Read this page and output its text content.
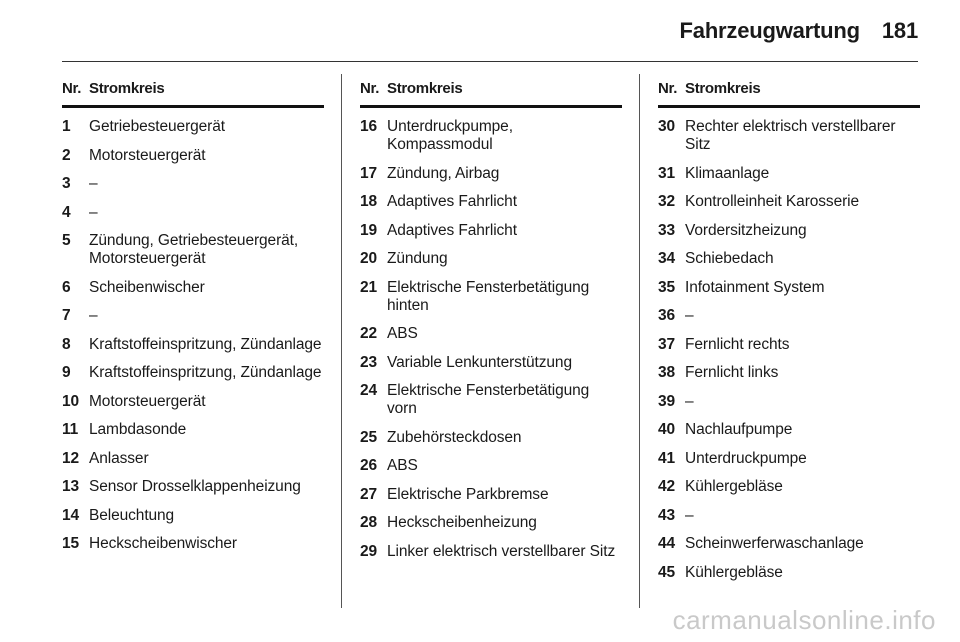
Fahrzeugwartung 181
Nr. Stromkreis
1	Getriebesteuergerät
2	Motorsteuergerät
3	–
4	–
5	Zündung, Getriebesteuergerät, Motorsteuergerät
6	Scheibenwischer
7	–
8	Kraftstoffeinspritzung, Zündanlage
9	Kraftstoffeinspritzung, Zündanlage
10 Motorsteuergerät
11 Lambdasonde
12 Anlasser
13 Sensor Drosselklappenheizung
14 Beleuchtung
15 Heckscheibenwischer
Nr. Stromkreis
16 Unterdruckpumpe, Kompassmodul
17 Zündung, Airbag
18 Adaptives Fahrlicht
19 Adaptives Fahrlicht
20 Zündung
21 Elektrische Fensterbetätigung hinten
22 ABS
23 Variable Lenkunterstützung
24 Elektrische Fensterbetätigung vorn
25 Zubehörsteckdosen
26 ABS
27 Elektrische Parkbremse
28 Heckscheibenheizung
29 Linker elektrisch verstellbarer Sitz
Nr. Stromkreis
30 Rechter elektrisch verstellbarer Sitz
31 Klimaanlage
32 Kontrolleinheit Karosserie
33 Vordersitzheizung
34 Schiebedach
35 Infotainment System
36 –
37 Fernlicht rechts
38 Fernlicht links
39 –
40 Nachlaufpumpe
41 Unterdruckpumpe
42 Kühlergebläse
43 –
44 Scheinwerferwaschanlage
45 Kühlergebläse
carmanualsonline.info
